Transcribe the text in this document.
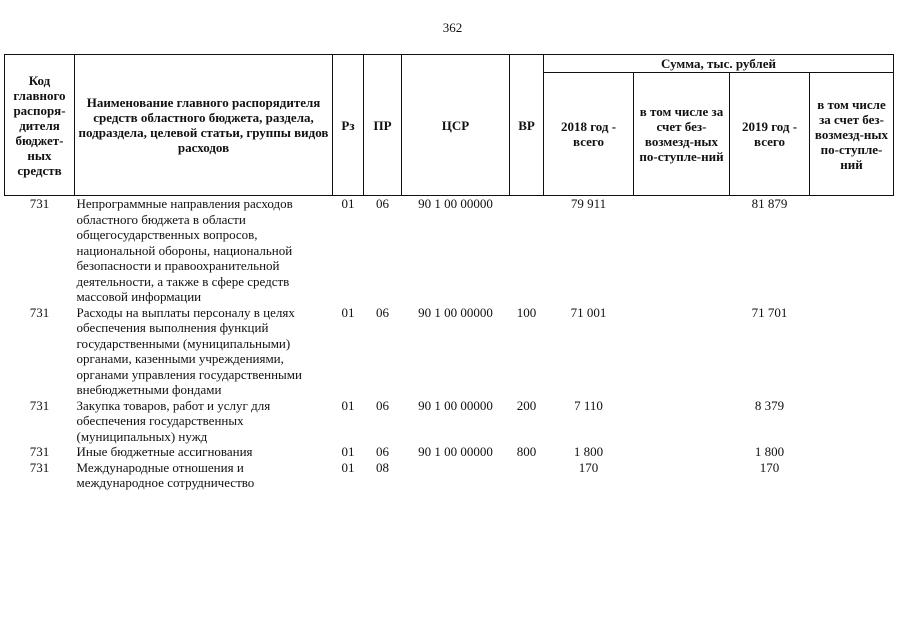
362
Код главного распоря-дителя бюджет-ных средств	Наименование главного распорядителя средств областного бюджета, раздела, подраздела, целевой статьи, группы видов расходов	Рз	ПР	ЦСР	ВР	Сумма, тыс. рублей			
						2018 год - всего	в том числе за счет без-возмезд-ных по-ступле-ний	2019 год - всего	в том числе за счет без-возмезд-ных по-ступле-ний
731	Непрограммные направления расходов областного бюджета в области общегосударственных вопросов, национальной обороны, национальной безопасности и правоохранительной деятельности, а также в сфере средств массовой информации	01	06	90 1 00 00000		79 911		81 879	
731	Расходы на выплаты персоналу в целях обеспечения выполнения функций государственными (муниципальными) органами, казенными учреждениями, органами управления государственными внебюджетными фондами	01	06	90 1 00 00000	100	71 001		71 701	
731	Закупка товаров, работ и услуг для обеспечения государственных (муниципальных) нужд	01	06	90 1 00 00000	200	7 110		8 379	
731	Иные бюджетные ассигнования	01	06	90 1 00 00000	800	1 800		1 800	
731	Международные отношения и международное сотрудничество	01	08			170		170	
